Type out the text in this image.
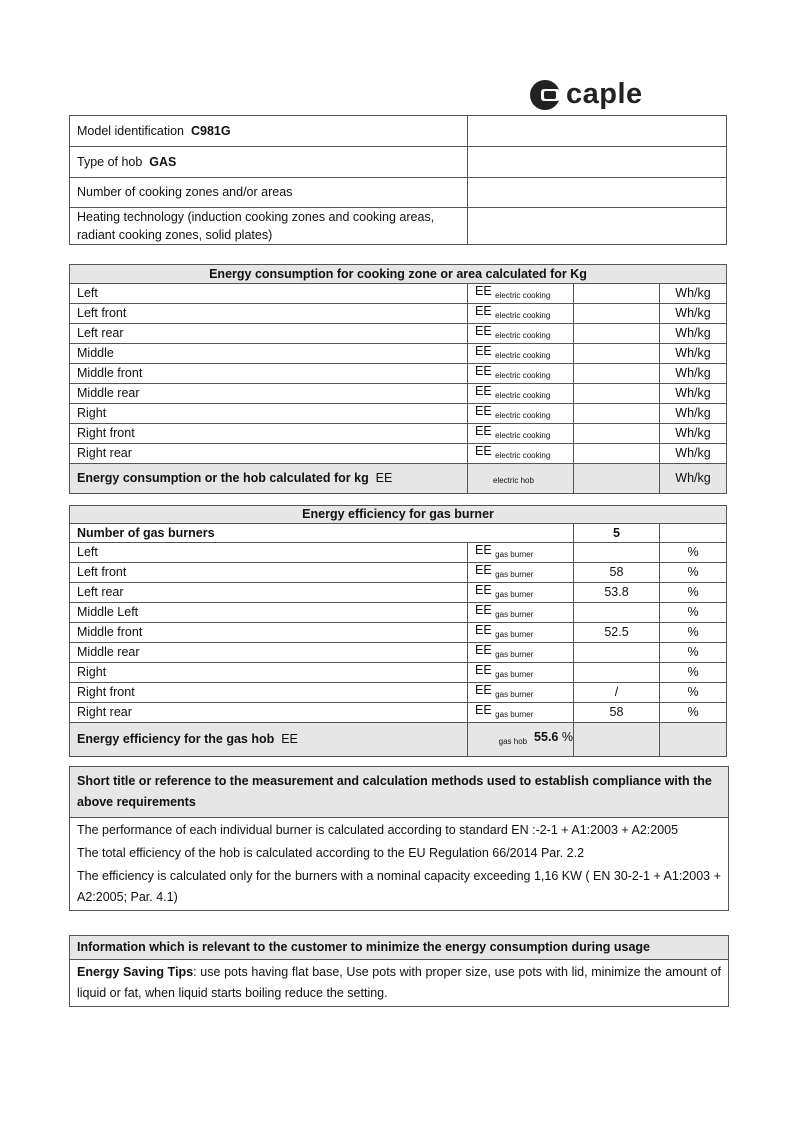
caple
Model identification C981G	
Type of hob GAS	
Number of cooking zones and/or areas	
Heating technology (induction cooking zones and cooking areas, radiant cooking zones, solid plates)	
Energy consumption for cooking zone or area calculated for Kg			
Left	EE $_{electric cooking}$		Wh/kg
Left front	EE $_{electric cooking}$		Wh/kg
Left rear	EE $_{electric cooking}$		Wh/kg
Middle	EE $_{electric cooking}$		Wh/kg
Middle front	EE $_{electric cooking}$		Wh/kg
Middle rear	EE $_{electric cooking}$		Wh/kg
Right	EE $_{electric cooking}$		Wh/kg
Right front	EE $_{electric cooking}$		Wh/kg
Right rear	EE $_{electric cooking}$		Wh/kg
Energy consumption or the hob calculated for kg EE	$_{electric hob}$		Wh/kg
Energy efficiency for gas burner			
Number of gas burners		5	
Left	EE $_{gas burner}$		%
Left front	EE $_{gas burner}$	58	%
Left rear	EE $_{gas burner}$	53.8	%
Middle Left	EE $_{gas burner}$		%
Middle front	EE $_{gas burner}$	52.5	%
Middle rear	EE $_{gas burner}$		%
Right	EE $_{gas burner}$		%
Right front	EE $_{gas burner}$	/	%
Right rear	EE $_{gas burner}$	58	%
Energy efficiency for the gas hob EE	$_{gas hob}$ 55.6 %		
Short title or reference to the measurement and calculation methods used to establish compliance with the above requirements
The performance of each individual burner is calculated according to standard EN :-2-1 + A1:2003 + A2:2005
The total efficiency of the hob is calculated according to the EU Regulation 66/2014 Par. 2.2
The efficiency is calculated only for the burners with a nominal capacity exceeding 1,16 KW ( EN 30-2-1 + A1:2003 + A2:2005; Par. 4.1)
Information which is relevant to the customer to minimize the energy consumption during usage
Energy Saving Tips: use pots having flat base, Use pots with proper size, use pots with lid, minimize the amount of liquid or fat, when liquid starts boiling reduce the setting.
